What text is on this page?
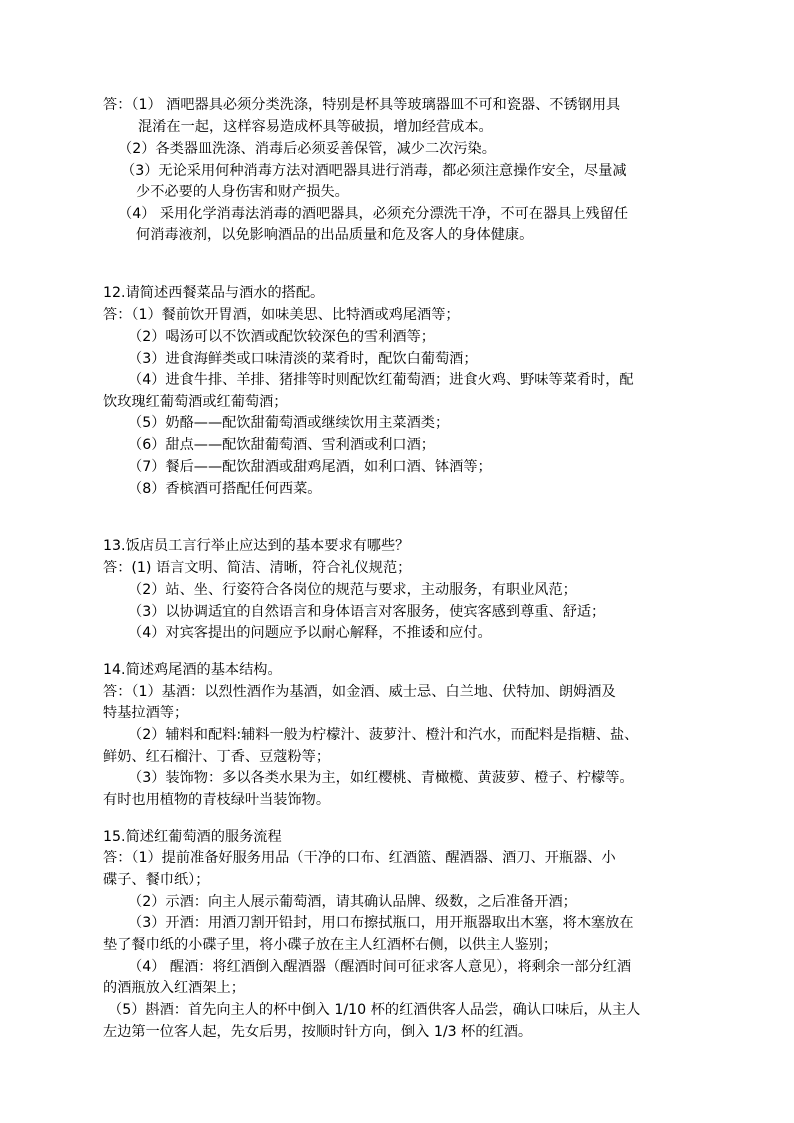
答：（1） 酒吧器具必须分类洗涤，特别是杯具等玻璃器皿不可和瓷器、不锈钢用具
混淆在一起，这样容易造成杯具等破损，增加经营成本。
（2）各类器皿洗涤、消毒后必须妥善保管，减少二次污染。
（3）无论采用何种消毒方法对酒吧器具进行消毒，都必须注意操作安全，尽量减
少不必要的人身伤害和财产损失。
（4） 采用化学消毒法消毒的酒吧器具，必须充分漂洗干净，不可在器具上残留任
何消毒液剂，以免影响酒品的出品质量和危及客人的身体健康。
12.请简述西餐菜品与酒水的搭配。
答：（1）餐前饮开胃酒，如味美思、比特酒或鸡尾酒等；
（2）喝汤可以不饮酒或配饮较深色的雪利酒等；
（3）进食海鲜类或口味清淡的菜肴时，配饮白葡萄酒；
（4）进食牛排、羊排、猪排等时则配饮红葡萄酒；进食火鸡、野味等菜肴时，配
饮玫瑰红葡萄酒或红葡萄酒；
（5）奶酪——配饮甜葡萄酒或继续饮用主菜酒类；
（6）甜点——配饮甜葡萄酒、雪利酒或利口酒；
（7）餐后——配饮甜酒或甜鸡尾酒，如利口酒、钵酒等；
（8）香槟酒可搭配任何西菜。
13.饭店员工言行举止应达到的基本要求有哪些？
答：(1) 语言文明、简洁、清晰，符合礼仪规范；
（2）站、坐、行姿符合各岗位的规范与要求，主动服务，有职业风范；
（3）以协调适宜的自然语言和身体语言对客服务，使宾客感到尊重、舒适；
（4）对宾客提出的问题应予以耐心解释，不推诿和应付。
14.简述鸡尾酒的基本结构。
答：（1）基酒：以烈性酒作为基酒，如金酒、威士忌、白兰地、伏特加、朗姆酒及
特基拉酒等；
（2）辅料和配料:辅料一般为柠檬汁、菠萝汁、橙汁和汽水，而配料是指糖、盐、
鲜奶、红石榴汁、丁香、豆蔻粉等；
（3）装饰物：多以各类水果为主，如红樱桃、青橄榄、黄菠萝、橙子、柠檬等。
有时也用植物的青枝绿叶当装饰物。
15.简述红葡萄酒的服务流程
答：（1）提前准备好服务用品（干净的口布、红酒篮、醒酒器、酒刀、开瓶器、小
碟子、餐巾纸）；
（2）示酒：向主人展示葡萄酒，请其确认品牌、级数，之后准备开酒；
（3）开酒：用酒刀割开铅封，用口布擦拭瓶口，用开瓶器取出木塞，将木塞放在
垫了餐巾纸的小碟子里，将小碟子放在主人红酒杯右侧，以供主人鉴别；
（4） 醒酒：将红酒倒入醒酒器（醒酒时间可征求客人意见），将剩余一部分红酒
的酒瓶放入红酒架上；
（5）斟酒：首先向主人的杯中倒入 1/10 杯的红酒供客人品尝，确认口味后，从主人
左边第一位客人起，先女后男，按顺时针方向，倒入 1/3 杯的红酒。
